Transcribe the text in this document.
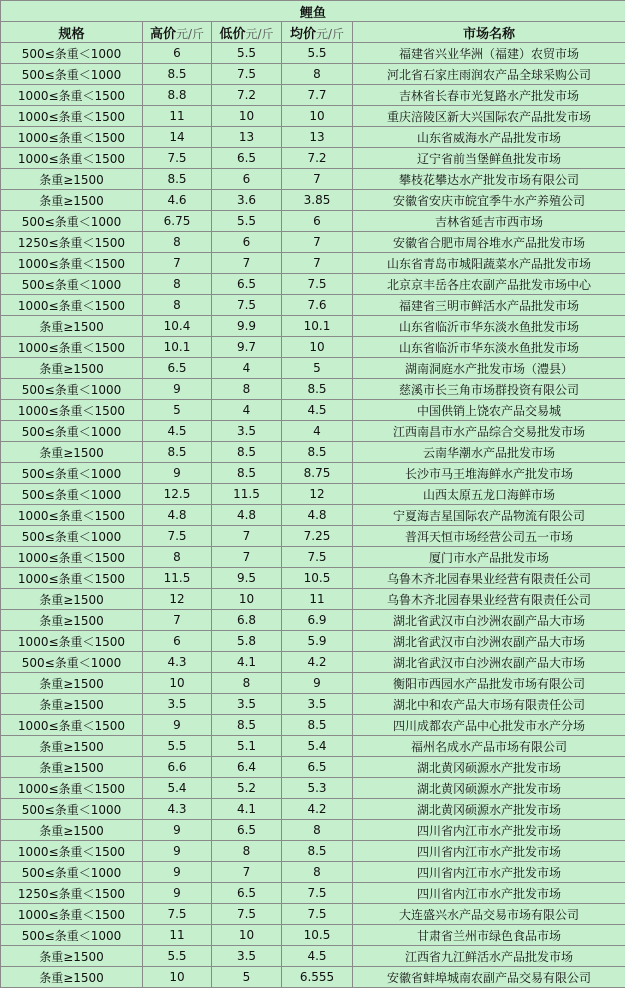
鲤鱼				
规格	高价元/斤	低价元/斤	均价元/斤	市场名称
500≤条重＜1000	6	5.5	5.5	福建省兴业华洲（福建）农贸市场
500≤条重＜1000	8.5	7.5	8	河北省石家庄雨润农产品全球采购公司
1000≤条重＜1500	8.8	7.2	7.7	吉林省长春市光复路水产批发市场
1000≤条重＜1500	11	10	10	重庆涪陵区新大兴国际农产品批发市场
1000≤条重＜1500	14	13	13	山东省威海水产品批发市场
1000≤条重＜1500	7.5	6.5	7.2	辽宁省前当堡鲜鱼批发市场
条重≥1500	8.5	6	7	攀枝花攀达水产批发市场有限公司
条重≥1500	4.6	3.6	3.85	安徽省安庆市皖宜季牛水产养殖公司
500≤条重＜1000	6.75	5.5	6	吉林省延吉市西市场
1250≤条重＜1500	8	6	7	安徽省合肥市周谷堆水产品批发市场
1000≤条重＜1500	7	7	7	山东省青岛市城阳蔬菜水产品批发市场
500≤条重＜1000	8	6.5	7.5	北京京丰岳各庄农副产品批发市场中心
1000≤条重＜1500	8	7.5	7.6	福建省三明市鲜活水产品批发市场
条重≥1500	10.4	9.9	10.1	山东省临沂市华东淡水鱼批发市场
1000≤条重＜1500	10.1	9.7	10	山东省临沂市华东淡水鱼批发市场
条重≥1500	6.5	4	5	湖南洞庭水产批发市场（澧县）
500≤条重＜1000	9	8	8.5	慈溪市长三角市场群投资有限公司
1000≤条重＜1500	5	4	4.5	中国供销上饶农产品交易城
500≤条重＜1000	4.5	3.5	4	江西南昌市水产品综合交易批发市场
条重≥1500	8.5	8.5	8.5	云南华潮水产品批发市场
500≤条重＜1000	9	8.5	8.75	长沙市马王堆海鲜水产批发市场
500≤条重＜1000	12.5	11.5	12	山西太原五龙口海鲜市场
1000≤条重＜1500	4.8	4.8	4.8	宁夏海吉星国际农产品物流有限公司
500≤条重＜1000	7.5	7	7.25	普洱天恒市场经营公司五一市场
1000≤条重＜1500	8	7	7.5	厦门市水产品批发市场
1000≤条重＜1500	11.5	9.5	10.5	乌鲁木齐北园春果业经营有限责任公司
条重≥1500	12	10	11	乌鲁木齐北园春果业经营有限责任公司
条重≥1500	7	6.8	6.9	湖北省武汉市白沙洲农副产品大市场
1000≤条重＜1500	6	5.8	5.9	湖北省武汉市白沙洲农副产品大市场
500≤条重＜1000	4.3	4.1	4.2	湖北省武汉市白沙洲农副产品大市场
条重≥1500	10	8	9	衡阳市西园水产品批发市场有限公司
条重≥1500	3.5	3.5	3.5	湖北中和农产品大市场有限责任公司
1000≤条重＜1500	9	8.5	8.5	四川成都农产品中心批发市水产分场
条重≥1500	5.5	5.1	5.4	福州名成水产品市场有限公司
条重≥1500	6.6	6.4	6.5	湖北黄冈硕源水产批发市场
1000≤条重＜1500	5.4	5.2	5.3	湖北黄冈硕源水产批发市场
500≤条重＜1000	4.3	4.1	4.2	湖北黄冈硕源水产批发市场
条重≥1500	9	6.5	8	四川省内江市水产批发市场
1000≤条重＜1500	9	8	8.5	四川省内江市水产批发市场
500≤条重＜1000	9	7	8	四川省内江市水产批发市场
1250≤条重＜1500	9	6.5	7.5	四川省内江市水产批发市场
1000≤条重＜1500	7.5	7.5	7.5	大连盛兴水产品交易市场有限公司
500≤条重＜1000	11	10	10.5	甘肃省兰州市绿色食品市场
条重≥1500	5.5	3.5	4.5	江西省九江鲜活水产品批发市场
条重≥1500	10	5	6.555	安徽省蚌埠城南农副产品交易有限公司
